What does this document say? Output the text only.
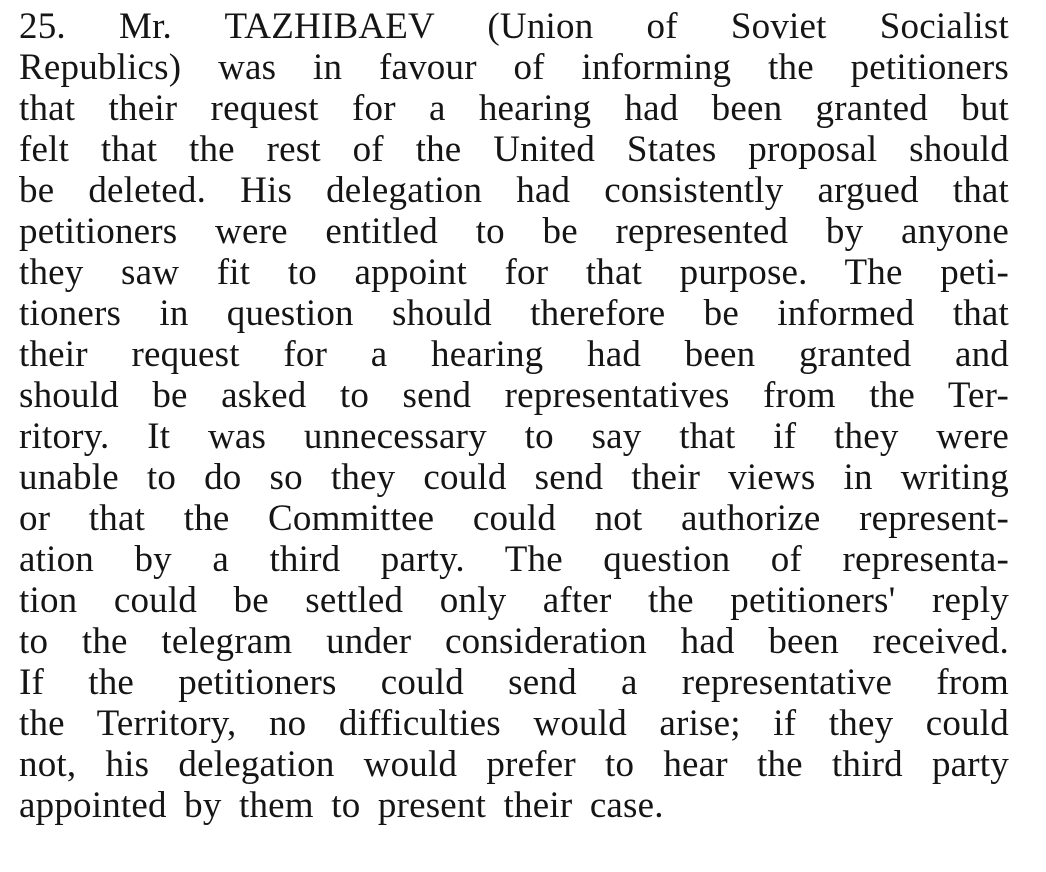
25. Mr. TAZHIBAEV (Union of Soviet Socialist
Republics) was in favour of informing the petitioners
that their request for a hearing had been granted but
felt that the rest of the United States proposal should
be deleted. His delegation had consistently argued that
petitioners were entitled to be represented by anyone
they saw fit to appoint for that purpose. The peti-
tioners in question should therefore be informed that
their request for a hearing had been granted and
should be asked to send representatives from the Ter-
ritory. It was unnecessary to say that if they were
unable to do so they could send their views in writing
or that the Committee could not authorize represent-
ation by a third party. The question of representa-
tion could be settled only after the petitioners' reply
to the telegram under consideration had been received.
If the petitioners could send a representative from
the Territory, no difficulties would arise; if they could
not, his delegation would prefer to hear the third party
appointed by them to present their case.
